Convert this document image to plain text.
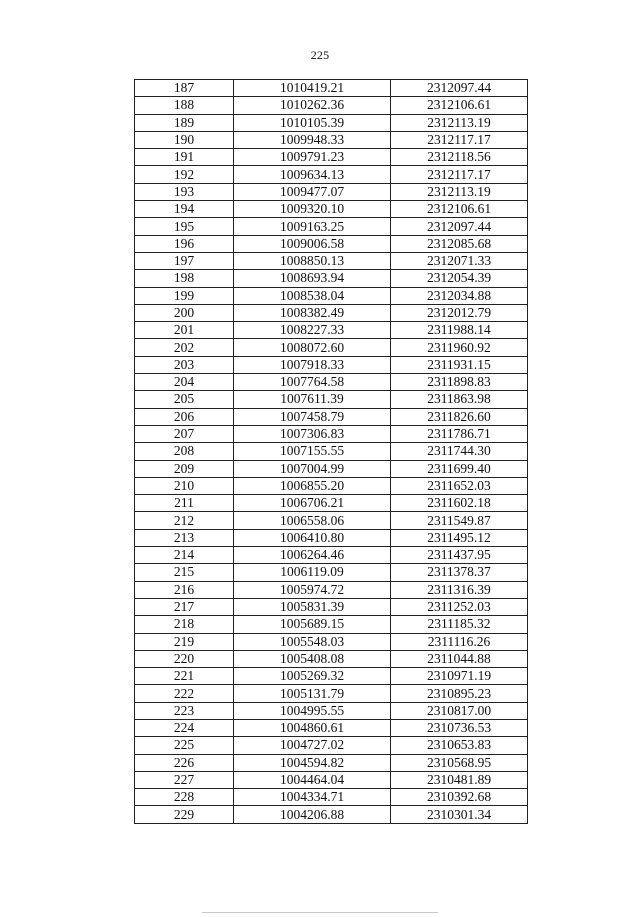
225
187	1010419.21	2312097.44
188	1010262.36	2312106.61
189	1010105.39	2312113.19
190	1009948.33	2312117.17
191	1009791.23	2312118.56
192	1009634.13	2312117.17
193	1009477.07	2312113.19
194	1009320.10	2312106.61
195	1009163.25	2312097.44
196	1009006.58	2312085.68
197	1008850.13	2312071.33
198	1008693.94	2312054.39
199	1008538.04	2312034.88
200	1008382.49	2312012.79
201	1008227.33	2311988.14
202	1008072.60	2311960.92
203	1007918.33	2311931.15
204	1007764.58	2311898.83
205	1007611.39	2311863.98
206	1007458.79	2311826.60
207	1007306.83	2311786.71
208	1007155.55	2311744.30
209	1007004.99	2311699.40
210	1006855.20	2311652.03
211	1006706.21	2311602.18
212	1006558.06	2311549.87
213	1006410.80	2311495.12
214	1006264.46	2311437.95
215	1006119.09	2311378.37
216	1005974.72	2311316.39
217	1005831.39	2311252.03
218	1005689.15	2311185.32
219	1005548.03	2311116.26
220	1005408.08	2311044.88
221	1005269.32	2310971.19
222	1005131.79	2310895.23
223	1004995.55	2310817.00
224	1004860.61	2310736.53
225	1004727.02	2310653.83
226	1004594.82	2310568.95
227	1004464.04	2310481.89
228	1004334.71	2310392.68
229	1004206.88	2310301.34
